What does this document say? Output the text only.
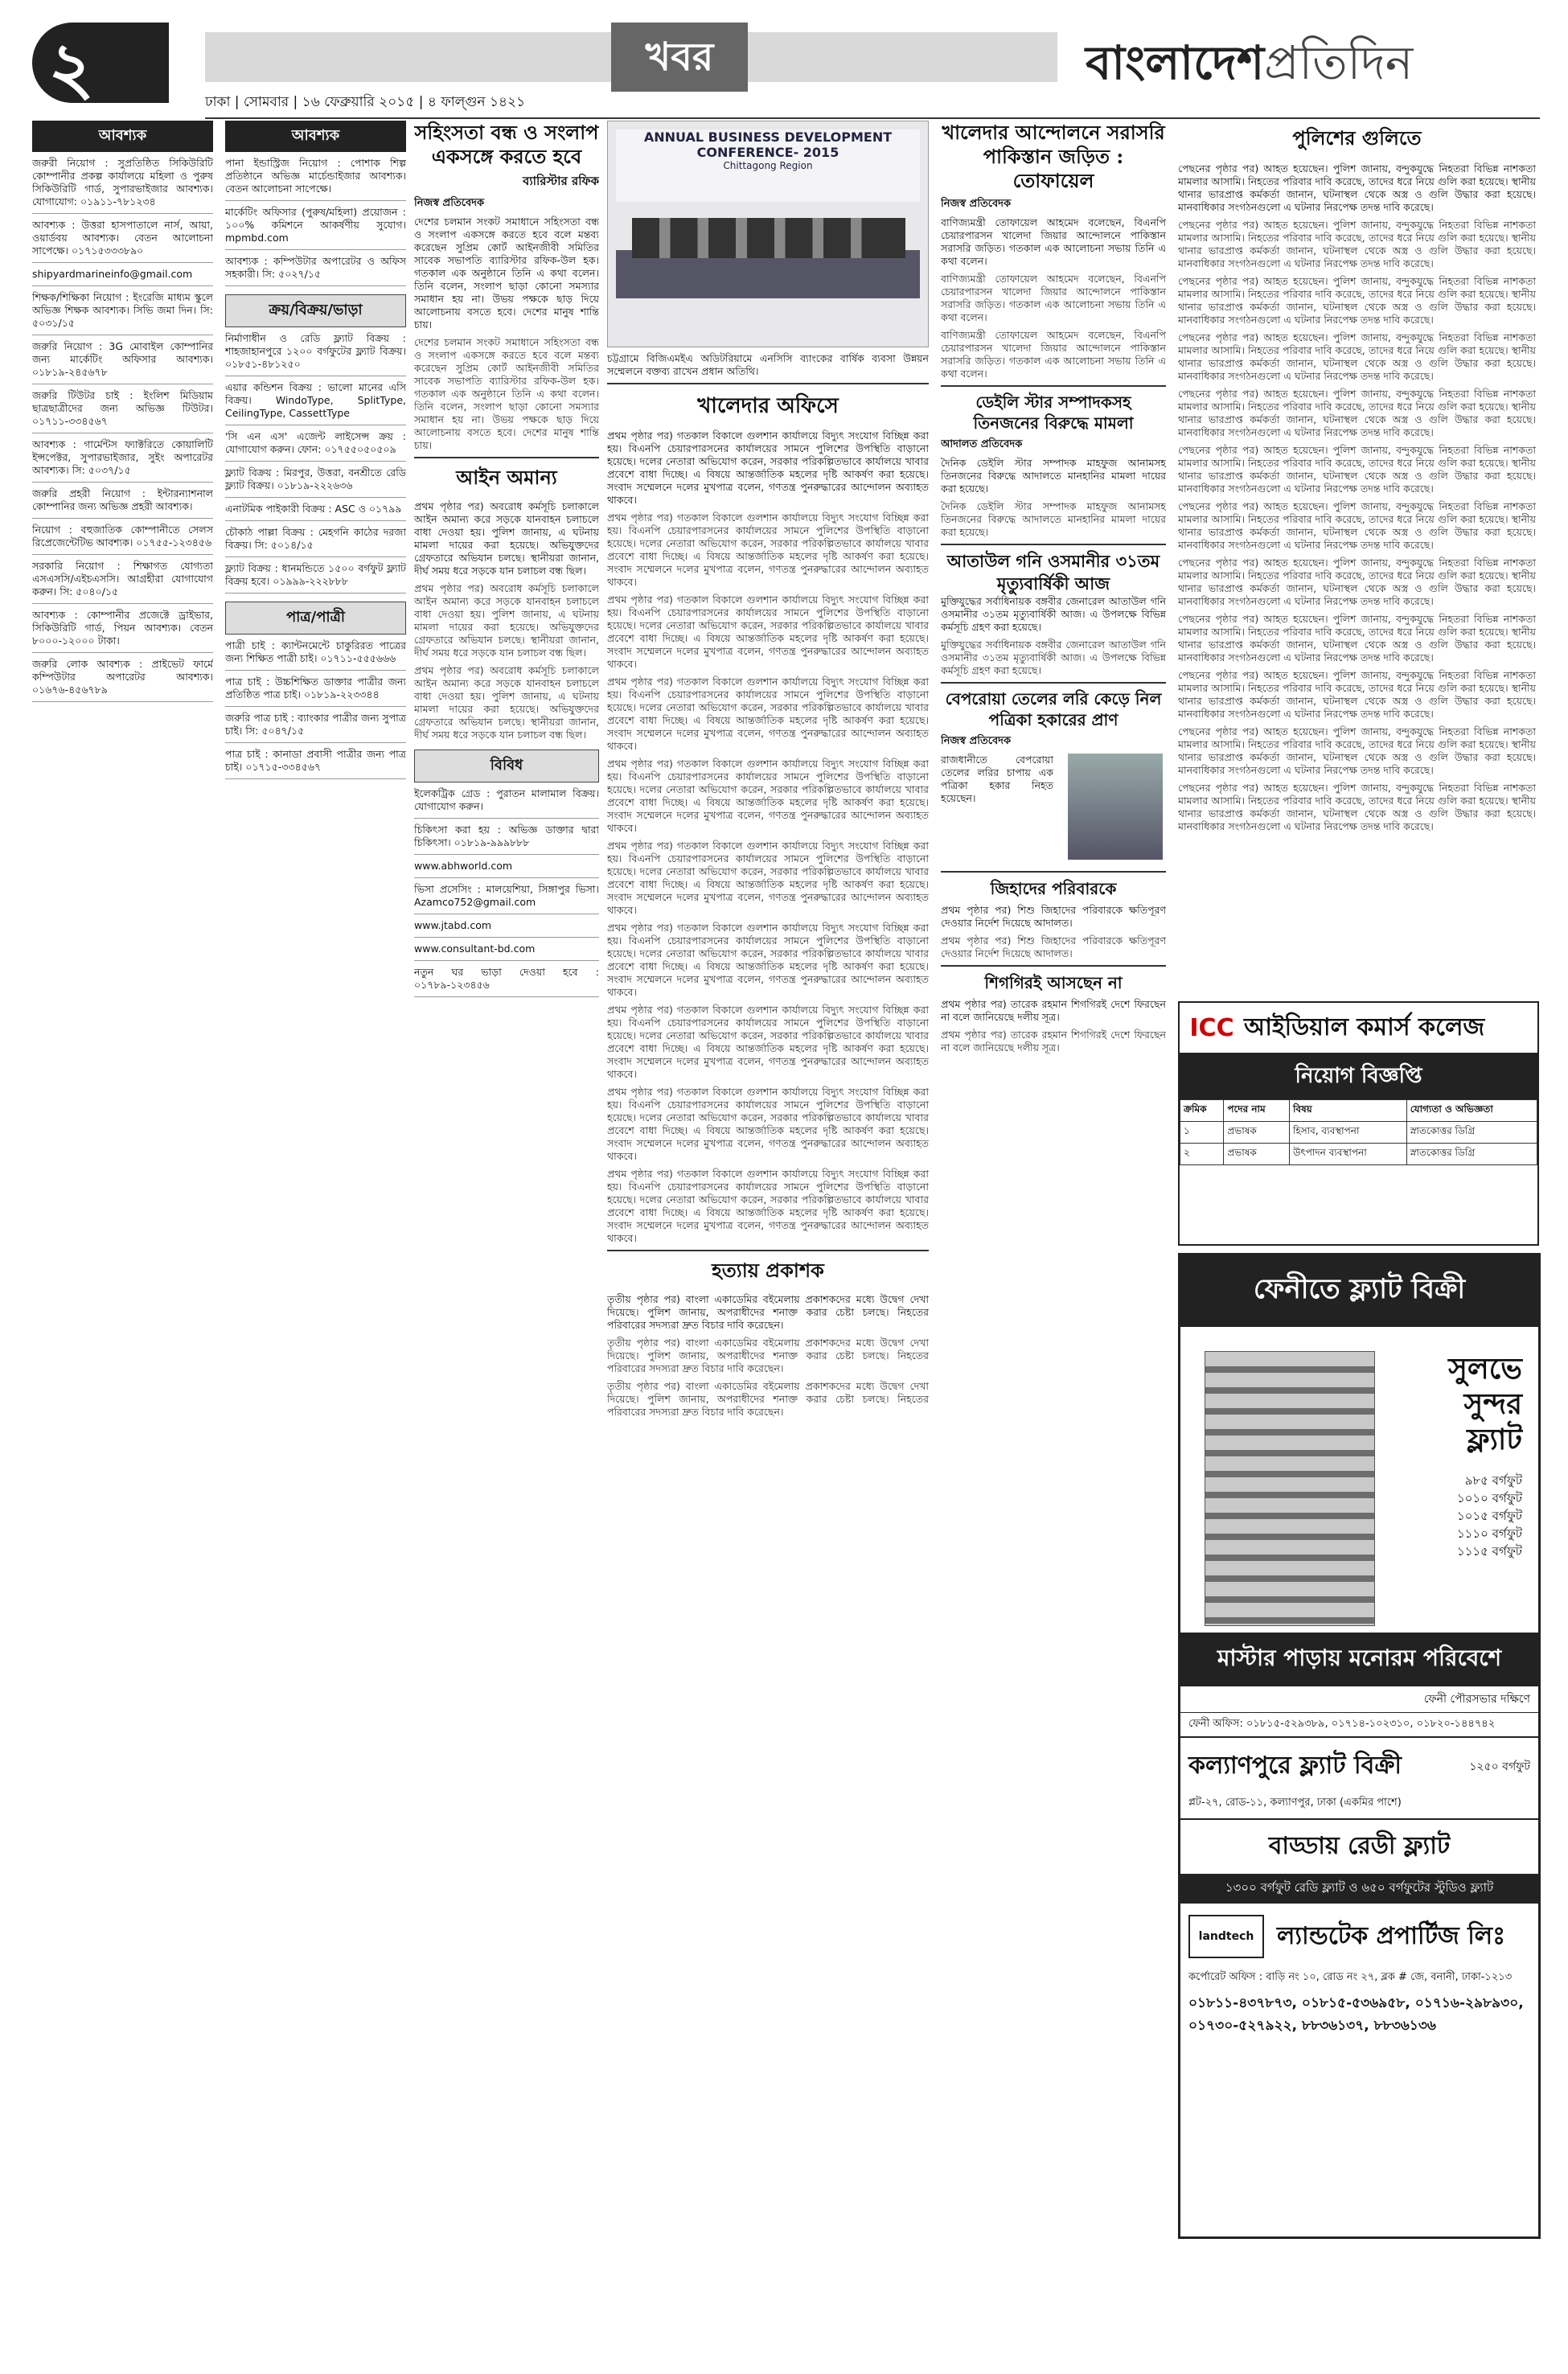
২	খবর	বাংলাদেশপ্রতিদিন
ঢাকা | সোমবার | ১৬ ফেব্রুয়ারি ২০১৫ | ৪ ফাল্গুন ১৪২১
আবশ্যক

জরুরী নিয়োগ : সুপ্রতিষ্ঠিত সিকিউরিটি কোম্পানীর প্রকল্প কার্যালয়ে মহিলা ও পুরুষ সিকিউরিটি গার্ড, সুপারভাইজার আবশ্যক। যোগাযোগ: ০১৯১১-৭৮১২৩৪

আবশ্যক : উত্তরা হাসপাতালে নার্স, আয়া, ওয়ার্ডবয় আবশ্যক। বেতন আলোচনা সাপেক্ষে। ০১৭১৫৩৩৩৮৯০

shipyardmarineinfo@gmail.com

শিক্ষক/শিক্ষিকা নিয়োগ : ইংরেজি মাধ্যম স্কুলে অভিজ্ঞ শিক্ষক আবশ্যক। সিভি জমা দিন। সি: ৫০৩১/১৫

জরুরি নিয়োগ : 3G মোবাইল কোম্পানির জন্য মার্কেটিং অফিসার আবশ্যক। ০১৮১৯-২৪৫৬৭৮

জরুরি টিউটর চাই : ইংলিশ মিডিয়াম ছাত্রছাত্রীদের জন্য অভিজ্ঞ টিউটর। ০১৭১১-৩৩৪৫৬৭

আবশ্যক : গার্মেন্টস ফ্যাক্টরিতে কোয়ালিটি ইন্সপেক্টর, সুপারভাইজার, সুইং অপারেটর আবশ্যক। সি: ৫০৩৭/১৫

জরুরি প্রহরী নিয়োগ : ইন্টারন্যাশনাল কোম্পানির জন্য অভিজ্ঞ প্রহরী আবশ্যক।

নিয়োগ : বহুজাতিক কোম্পানীতে সেলস রিপ্রেজেন্টেটিভ আবশ্যক। ০১৭৫৫-১২৩৪৫৬

সরকারি নিয়োগ : শিক্ষাগত যোগ্যতা এসএসসি/এইচএসসি। আগ্রহীরা যোগাযোগ করুন। সি: ৫০৪০/১৫

আবশ্যক : কোম্পানীর প্রজেক্টে ড্রাইভার, সিকিউরিটি গার্ড, পিয়ন আবশ্যক। বেতন ৮০০০-১২০০০ টাকা।

জরুরি লোক আবশ্যক : প্রাইভেট ফার্মে কম্পিউটার অপারেটর আবশ্যক। ০১৬৭৬-৪৫৬৭৮৯

আবশ্যক

পানা ইন্ডাস্ট্রিজ নিয়োগ : পোশাক শিল্প প্রতিষ্ঠানে অভিজ্ঞ মার্চেন্ডাইজার আবশ্যক। বেতন আলোচনা সাপেক্ষে।

মার্কেটিং অফিসার (পুরুষ/মহিলা) প্রয়োজন : ১০০% কমিশনে আকর্ষণীয় সুযোগ। mpmbd.com

আবশ্যক : কম্পিউটার অপারেটর ও অফিস সহকারী। সি: ৫০২৭/১৫

ক্রয়/বিক্রয়/ভাড়া

নির্মাণাধীন ও রেডি ফ্ল্যাট বিক্রয় : শাহজাহানপুরে ১২০০ বর্গফুটের ফ্ল্যাট বিক্রয়। ০১৮৫১-৪৮১২৫০

এয়ার কন্ডিশন বিক্রয় : ভালো মানের এসি বিক্রয়। WindoType, SplitType, CeilingType, CassettType

'সি এন এস' এজেন্ট লাইসেন্স ক্রয় : যোগাযোগ করুন। ফোন: ০১৭৫৫০৫০৫০৯

ফ্ল্যাট বিক্রয় : মিরপুর, উত্তরা, বনশ্রীতে রেডি ফ্ল্যাট বিক্রয়। ০১৮১৯-২২২৬৩৬

এনাটমিক পাইকারী বিক্রয় : ASC ও ০১৭৯৯

চৌকাঠ পাল্লা বিক্রয় : মেহগনি কাঠের দরজা বিক্রয়। সি: ৫০১৪/১৫

ফ্ল্যাট বিক্রয় : ধানমন্ডিতে ১৫০০ বর্গফুট ফ্ল্যাট বিক্রয় হবে। ০১৯৯৯-২২২৮৮৮

পাত্র/পাত্রী

পাত্রী চাই : ক্যান্টনমেন্টে চাকুরিরত পাত্রের জন্য শিক্ষিত পাত্রী চাই। ০১৭১১-৫৫৫৬৬৬

পাত্র চাই : উচ্চশিক্ষিত ডাক্তার পাত্রীর জন্য প্রতিষ্ঠিত পাত্র চাই। ০১৮১৯-২২৩৩৪৪

জরুরি পাত্র চাই : ব্যাংকার পাত্রীর জন্য সুপাত্র চাই। সি: ৫০৪৭/১৫

পাত্র চাই : কানাডা প্রবাসী পাত্রীর জন্য পাত্র চাই। ০১৭১৫-৩৩৪৫৬৭

সহিংসতা বন্ধ ও সংলাপ একসঙ্গে করতে হবে
ব্যারিস্টার রফিক
নিজস্ব প্রতিবেদক

দেশের চলমান সংকট সমাধানে সহিংসতা বন্ধ ও সংলাপ একসঙ্গে করতে হবে বলে মন্তব্য করেছেন সুপ্রিম কোর্ট আইনজীবী সমিতির সাবেক সভাপতি ব্যারিস্টার রফিক-উল হক। গতকাল এক অনুষ্ঠানে তিনি এ কথা বলেন। তিনি বলেন, সংলাপ ছাড়া কোনো সমস্যার সমাধান হয় না। উভয় পক্ষকে ছাড় দিয়ে আলোচনায় বসতে হবে। দেশের মানুষ শান্তি চায়।

দেশের চলমান সংকট সমাধানে সহিংসতা বন্ধ ও সংলাপ একসঙ্গে করতে হবে বলে মন্তব্য করেছেন সুপ্রিম কোর্ট আইনজীবী সমিতির সাবেক সভাপতি ব্যারিস্টার রফিক-উল হক। গতকাল এক অনুষ্ঠানে তিনি এ কথা বলেন। তিনি বলেন, সংলাপ ছাড়া কোনো সমস্যার সমাধান হয় না। উভয় পক্ষকে ছাড় দিয়ে আলোচনায় বসতে হবে। দেশের মানুষ শান্তি চায়।

আইন অমান্য

প্রথম পৃষ্ঠার পর) অবরোধ কর্মসূচি চলাকালে আইন অমান্য করে সড়কে যানবাহন চলাচলে বাধা দেওয়া হয়। পুলিশ জানায়, এ ঘটনায় মামলা দায়ের করা হয়েছে। অভিযুক্তদের গ্রেফতারে অভিযান চলছে। স্থানীয়রা জানান, দীর্ঘ সময় ধরে সড়কে যান চলাচল বন্ধ ছিল।

প্রথম পৃষ্ঠার পর) অবরোধ কর্মসূচি চলাকালে আইন অমান্য করে সড়কে যানবাহন চলাচলে বাধা দেওয়া হয়। পুলিশ জানায়, এ ঘটনায় মামলা দায়ের করা হয়েছে। অভিযুক্তদের গ্রেফতারে অভিযান চলছে। স্থানীয়রা জানান, দীর্ঘ সময় ধরে সড়কে যান চলাচল বন্ধ ছিল।

প্রথম পৃষ্ঠার পর) অবরোধ কর্মসূচি চলাকালে আইন অমান্য করে সড়কে যানবাহন চলাচলে বাধা দেওয়া হয়। পুলিশ জানায়, এ ঘটনায় মামলা দায়ের করা হয়েছে। অভিযুক্তদের গ্রেফতারে অভিযান চলছে। স্থানীয়রা জানান, দীর্ঘ সময় ধরে সড়কে যান চলাচল বন্ধ ছিল।

বিবিধ

ইলেকট্রিক গ্রেড : পুরাতন মালামাল বিক্রয়। যোগাযোগ করুন।

চিকিৎসা করা হয় : অভিজ্ঞ ডাক্তার দ্বারা চিকিৎসা। ০১৮১৯-৯৯৯৮৮৮

www.abhworld.com

ভিসা প্রসেসিং : মালয়েশিয়া, সিঙ্গাপুর ভিসা। Azamco752@gmail.com

www.jtabd.com

www.consultant-bd.com

নতুন ঘর ভাড়া দেওয়া হবে : ০১৭৮৯-১২৩৪৫৬

ANNUAL BUSINESS DEVELOPMENT
CONFERENCE- 2015
Chittagong Region

চট্টগ্রামে বিজিএমইএ অডিটরিয়ামে এনসিসি ব্যাংকের বার্ষিক ব্যবসা উন্নয়ন সম্মেলনে বক্তব্য রাখেন প্রধান অতিথি।

খালেদার অফিসে

প্রথম পৃষ্ঠার পর) গতকাল বিকালে গুলশান কার্যালয়ে বিদ্যুৎ সংযোগ বিচ্ছিন্ন করা হয়। বিএনপি চেয়ারপারসনের কার্যালয়ের সামনে পুলিশের উপস্থিতি বাড়ানো হয়েছে। দলের নেতারা অভিযোগ করেন, সরকার পরিকল্পিতভাবে কার্যালয়ে খাবার প্রবেশে বাধা দিচ্ছে। এ বিষয়ে আন্তর্জাতিক মহলের দৃষ্টি আকর্ষণ করা হয়েছে। সংবাদ সম্মেলনে দলের মুখপাত্র বলেন, গণতন্ত্র পুনরুদ্ধারের আন্দোলন অব্যাহত থাকবে।

প্রথম পৃষ্ঠার পর) গতকাল বিকালে গুলশান কার্যালয়ে বিদ্যুৎ সংযোগ বিচ্ছিন্ন করা হয়। বিএনপি চেয়ারপারসনের কার্যালয়ের সামনে পুলিশের উপস্থিতি বাড়ানো হয়েছে। দলের নেতারা অভিযোগ করেন, সরকার পরিকল্পিতভাবে কার্যালয়ে খাবার প্রবেশে বাধা দিচ্ছে। এ বিষয়ে আন্তর্জাতিক মহলের দৃষ্টি আকর্ষণ করা হয়েছে। সংবাদ সম্মেলনে দলের মুখপাত্র বলেন, গণতন্ত্র পুনরুদ্ধারের আন্দোলন অব্যাহত থাকবে।

প্রথম পৃষ্ঠার পর) গতকাল বিকালে গুলশান কার্যালয়ে বিদ্যুৎ সংযোগ বিচ্ছিন্ন করা হয়। বিএনপি চেয়ারপারসনের কার্যালয়ের সামনে পুলিশের উপস্থিতি বাড়ানো হয়েছে। দলের নেতারা অভিযোগ করেন, সরকার পরিকল্পিতভাবে কার্যালয়ে খাবার প্রবেশে বাধা দিচ্ছে। এ বিষয়ে আন্তর্জাতিক মহলের দৃষ্টি আকর্ষণ করা হয়েছে। সংবাদ সম্মেলনে দলের মুখপাত্র বলেন, গণতন্ত্র পুনরুদ্ধারের আন্দোলন অব্যাহত থাকবে।

প্রথম পৃষ্ঠার পর) গতকাল বিকালে গুলশান কার্যালয়ে বিদ্যুৎ সংযোগ বিচ্ছিন্ন করা হয়। বিএনপি চেয়ারপারসনের কার্যালয়ের সামনে পুলিশের উপস্থিতি বাড়ানো হয়েছে। দলের নেতারা অভিযোগ করেন, সরকার পরিকল্পিতভাবে কার্যালয়ে খাবার প্রবেশে বাধা দিচ্ছে। এ বিষয়ে আন্তর্জাতিক মহলের দৃষ্টি আকর্ষণ করা হয়েছে। সংবাদ সম্মেলনে দলের মুখপাত্র বলেন, গণতন্ত্র পুনরুদ্ধারের আন্দোলন অব্যাহত থাকবে।

প্রথম পৃষ্ঠার পর) গতকাল বিকালে গুলশান কার্যালয়ে বিদ্যুৎ সংযোগ বিচ্ছিন্ন করা হয়। বিএনপি চেয়ারপারসনের কার্যালয়ের সামনে পুলিশের উপস্থিতি বাড়ানো হয়েছে। দলের নেতারা অভিযোগ করেন, সরকার পরিকল্পিতভাবে কার্যালয়ে খাবার প্রবেশে বাধা দিচ্ছে। এ বিষয়ে আন্তর্জাতিক মহলের দৃষ্টি আকর্ষণ করা হয়েছে। সংবাদ সম্মেলনে দলের মুখপাত্র বলেন, গণতন্ত্র পুনরুদ্ধারের আন্দোলন অব্যাহত থাকবে।

প্রথম পৃষ্ঠার পর) গতকাল বিকালে গুলশান কার্যালয়ে বিদ্যুৎ সংযোগ বিচ্ছিন্ন করা হয়। বিএনপি চেয়ারপারসনের কার্যালয়ের সামনে পুলিশের উপস্থিতি বাড়ানো হয়েছে। দলের নেতারা অভিযোগ করেন, সরকার পরিকল্পিতভাবে কার্যালয়ে খাবার প্রবেশে বাধা দিচ্ছে। এ বিষয়ে আন্তর্জাতিক মহলের দৃষ্টি আকর্ষণ করা হয়েছে। সংবাদ সম্মেলনে দলের মুখপাত্র বলেন, গণতন্ত্র পুনরুদ্ধারের আন্দোলন অব্যাহত থাকবে।

প্রথম পৃষ্ঠার পর) গতকাল বিকালে গুলশান কার্যালয়ে বিদ্যুৎ সংযোগ বিচ্ছিন্ন করা হয়। বিএনপি চেয়ারপারসনের কার্যালয়ের সামনে পুলিশের উপস্থিতি বাড়ানো হয়েছে। দলের নেতারা অভিযোগ করেন, সরকার পরিকল্পিতভাবে কার্যালয়ে খাবার প্রবেশে বাধা দিচ্ছে। এ বিষয়ে আন্তর্জাতিক মহলের দৃষ্টি আকর্ষণ করা হয়েছে। সংবাদ সম্মেলনে দলের মুখপাত্র বলেন, গণতন্ত্র পুনরুদ্ধারের আন্দোলন অব্যাহত থাকবে।

প্রথম পৃষ্ঠার পর) গতকাল বিকালে গুলশান কার্যালয়ে বিদ্যুৎ সংযোগ বিচ্ছিন্ন করা হয়। বিএনপি চেয়ারপারসনের কার্যালয়ের সামনে পুলিশের উপস্থিতি বাড়ানো হয়েছে। দলের নেতারা অভিযোগ করেন, সরকার পরিকল্পিতভাবে কার্যালয়ে খাবার প্রবেশে বাধা দিচ্ছে। এ বিষয়ে আন্তর্জাতিক মহলের দৃষ্টি আকর্ষণ করা হয়েছে। সংবাদ সম্মেলনে দলের মুখপাত্র বলেন, গণতন্ত্র পুনরুদ্ধারের আন্দোলন অব্যাহত থাকবে।

প্রথম পৃষ্ঠার পর) গতকাল বিকালে গুলশান কার্যালয়ে বিদ্যুৎ সংযোগ বিচ্ছিন্ন করা হয়। বিএনপি চেয়ারপারসনের কার্যালয়ের সামনে পুলিশের উপস্থিতি বাড়ানো হয়েছে। দলের নেতারা অভিযোগ করেন, সরকার পরিকল্পিতভাবে কার্যালয়ে খাবার প্রবেশে বাধা দিচ্ছে। এ বিষয়ে আন্তর্জাতিক মহলের দৃষ্টি আকর্ষণ করা হয়েছে। সংবাদ সম্মেলনে দলের মুখপাত্র বলেন, গণতন্ত্র পুনরুদ্ধারের আন্দোলন অব্যাহত থাকবে।

প্রথম পৃষ্ঠার পর) গতকাল বিকালে গুলশান কার্যালয়ে বিদ্যুৎ সংযোগ বিচ্ছিন্ন করা হয়। বিএনপি চেয়ারপারসনের কার্যালয়ের সামনে পুলিশের উপস্থিতি বাড়ানো হয়েছে। দলের নেতারা অভিযোগ করেন, সরকার পরিকল্পিতভাবে কার্যালয়ে খাবার প্রবেশে বাধা দিচ্ছে। এ বিষয়ে আন্তর্জাতিক মহলের দৃষ্টি আকর্ষণ করা হয়েছে। সংবাদ সম্মেলনে দলের মুখপাত্র বলেন, গণতন্ত্র পুনরুদ্ধারের আন্দোলন অব্যাহত থাকবে।

হত্যায় প্রকাশক

তৃতীয় পৃষ্ঠার পর) বাংলা একাডেমির বইমেলায় প্রকাশকদের মধ্যে উদ্বেগ দেখা দিয়েছে। পুলিশ জানায়, অপরাধীদের শনাক্ত করার চেষ্টা চলছে। নিহতের পরিবারের সদস্যরা দ্রুত বিচার দাবি করেছেন।

তৃতীয় পৃষ্ঠার পর) বাংলা একাডেমির বইমেলায় প্রকাশকদের মধ্যে উদ্বেগ দেখা দিয়েছে। পুলিশ জানায়, অপরাধীদের শনাক্ত করার চেষ্টা চলছে। নিহতের পরিবারের সদস্যরা দ্রুত বিচার দাবি করেছেন।

তৃতীয় পৃষ্ঠার পর) বাংলা একাডেমির বইমেলায় প্রকাশকদের মধ্যে উদ্বেগ দেখা দিয়েছে। পুলিশ জানায়, অপরাধীদের শনাক্ত করার চেষ্টা চলছে। নিহতের পরিবারের সদস্যরা দ্রুত বিচার দাবি করেছেন।

খালেদার আন্দোলনে সরাসরি পাকিস্তান জড়িত : তোফায়েল
নিজস্ব প্রতিবেদক

বাণিজ্যমন্ত্রী তোফায়েল আহমেদ বলেছেন, বিএনপি চেয়ারপারসন খালেদা জিয়ার আন্দোলনে পাকিস্তান সরাসরি জড়িত। গতকাল এক আলোচনা সভায় তিনি এ কথা বলেন।

বাণিজ্যমন্ত্রী তোফায়েল আহমেদ বলেছেন, বিএনপি চেয়ারপারসন খালেদা জিয়ার আন্দোলনে পাকিস্তান সরাসরি জড়িত। গতকাল এক আলোচনা সভায় তিনি এ কথা বলেন।

বাণিজ্যমন্ত্রী তোফায়েল আহমেদ বলেছেন, বিএনপি চেয়ারপারসন খালেদা জিয়ার আন্দোলনে পাকিস্তান সরাসরি জড়িত। গতকাল এক আলোচনা সভায় তিনি এ কথা বলেন।

ডেইলি স্টার সম্পাদকসহ তিনজনের বিরুদ্ধে মামলা
আদালত প্রতিবেদক

দৈনিক ডেইলি স্টার সম্পাদক মাহফুজ আনামসহ তিনজনের বিরুদ্ধে আদালতে মানহানির মামলা দায়ের করা হয়েছে।

দৈনিক ডেইলি স্টার সম্পাদক মাহফুজ আনামসহ তিনজনের বিরুদ্ধে আদালতে মানহানির মামলা দায়ের করা হয়েছে।

আতাউল গনি ওসমানীর ৩১তম মৃত্যুবার্ষিকী আজ

মুক্তিযুদ্ধের সর্বাধিনায়ক বঙ্গবীর জেনারেল আতাউল গনি ওসমানীর ৩১তম মৃত্যুবার্ষিকী আজ। এ উপলক্ষে বিভিন্ন কর্মসূচি গ্রহণ করা হয়েছে।

মুক্তিযুদ্ধের সর্বাধিনায়ক বঙ্গবীর জেনারেল আতাউল গনি ওসমানীর ৩১তম মৃত্যুবার্ষিকী আজ। এ উপলক্ষে বিভিন্ন কর্মসূচি গ্রহণ করা হয়েছে।

বেপরোয়া তেলের লরি কেড়ে নিল পত্রিকা হকারের প্রাণ
নিজস্ব প্রতিবেদক

রাজধানীতে বেপরোয়া তেলের লরির চাপায় এক পত্রিকা হকার নিহত হয়েছেন।

জিহাদের পরিবারকে

প্রথম পৃষ্ঠার পর) শিশু জিহাদের পরিবারকে ক্ষতিপূরণ দেওয়ার নির্দেশ দিয়েছে আদালত।

প্রথম পৃষ্ঠার পর) শিশু জিহাদের পরিবারকে ক্ষতিপূরণ দেওয়ার নির্দেশ দিয়েছে আদালত।

শিগগিরই আসছেন না

প্রথম পৃষ্ঠার পর) তারেক রহমান শিগগিরই দেশে ফিরছেন না বলে জানিয়েছে দলীয় সূত্র।

প্রথম পৃষ্ঠার পর) তারেক রহমান শিগগিরই দেশে ফিরছেন না বলে জানিয়েছে দলীয় সূত্র।

পুলিশের গুলিতে

পেছনের পৃষ্ঠার পর) আহত হয়েছেন। পুলিশ জানায়, বন্দুকযুদ্ধে নিহতরা বিভিন্ন নাশকতা মামলার আসামি। নিহতের পরিবার দাবি করেছে, তাদের ধরে নিয়ে গুলি করা হয়েছে। স্থানীয় থানার ভারপ্রাপ্ত কর্মকর্তা জানান, ঘটনাস্থল থেকে অস্ত্র ও গুলি উদ্ধার করা হয়েছে। মানবাধিকার সংগঠনগুলো এ ঘটনার নিরপেক্ষ তদন্ত দাবি করেছে।

পেছনের পৃষ্ঠার পর) আহত হয়েছেন। পুলিশ জানায়, বন্দুকযুদ্ধে নিহতরা বিভিন্ন নাশকতা মামলার আসামি। নিহতের পরিবার দাবি করেছে, তাদের ধরে নিয়ে গুলি করা হয়েছে। স্থানীয় থানার ভারপ্রাপ্ত কর্মকর্তা জানান, ঘটনাস্থল থেকে অস্ত্র ও গুলি উদ্ধার করা হয়েছে। মানবাধিকার সংগঠনগুলো এ ঘটনার নিরপেক্ষ তদন্ত দাবি করেছে।

পেছনের পৃষ্ঠার পর) আহত হয়েছেন। পুলিশ জানায়, বন্দুকযুদ্ধে নিহতরা বিভিন্ন নাশকতা মামলার আসামি। নিহতের পরিবার দাবি করেছে, তাদের ধরে নিয়ে গুলি করা হয়েছে। স্থানীয় থানার ভারপ্রাপ্ত কর্মকর্তা জানান, ঘটনাস্থল থেকে অস্ত্র ও গুলি উদ্ধার করা হয়েছে। মানবাধিকার সংগঠনগুলো এ ঘটনার নিরপেক্ষ তদন্ত দাবি করেছে।

পেছনের পৃষ্ঠার পর) আহত হয়েছেন। পুলিশ জানায়, বন্দুকযুদ্ধে নিহতরা বিভিন্ন নাশকতা মামলার আসামি। নিহতের পরিবার দাবি করেছে, তাদের ধরে নিয়ে গুলি করা হয়েছে। স্থানীয় থানার ভারপ্রাপ্ত কর্মকর্তা জানান, ঘটনাস্থল থেকে অস্ত্র ও গুলি উদ্ধার করা হয়েছে। মানবাধিকার সংগঠনগুলো এ ঘটনার নিরপেক্ষ তদন্ত দাবি করেছে।

পেছনের পৃষ্ঠার পর) আহত হয়েছেন। পুলিশ জানায়, বন্দুকযুদ্ধে নিহতরা বিভিন্ন নাশকতা মামলার আসামি। নিহতের পরিবার দাবি করেছে, তাদের ধরে নিয়ে গুলি করা হয়েছে। স্থানীয় থানার ভারপ্রাপ্ত কর্মকর্তা জানান, ঘটনাস্থল থেকে অস্ত্র ও গুলি উদ্ধার করা হয়েছে। মানবাধিকার সংগঠনগুলো এ ঘটনার নিরপেক্ষ তদন্ত দাবি করেছে।

পেছনের পৃষ্ঠার পর) আহত হয়েছেন। পুলিশ জানায়, বন্দুকযুদ্ধে নিহতরা বিভিন্ন নাশকতা মামলার আসামি। নিহতের পরিবার দাবি করেছে, তাদের ধরে নিয়ে গুলি করা হয়েছে। স্থানীয় থানার ভারপ্রাপ্ত কর্মকর্তা জানান, ঘটনাস্থল থেকে অস্ত্র ও গুলি উদ্ধার করা হয়েছে। মানবাধিকার সংগঠনগুলো এ ঘটনার নিরপেক্ষ তদন্ত দাবি করেছে।

পেছনের পৃষ্ঠার পর) আহত হয়েছেন। পুলিশ জানায়, বন্দুকযুদ্ধে নিহতরা বিভিন্ন নাশকতা মামলার আসামি। নিহতের পরিবার দাবি করেছে, তাদের ধরে নিয়ে গুলি করা হয়েছে। স্থানীয় থানার ভারপ্রাপ্ত কর্মকর্তা জানান, ঘটনাস্থল থেকে অস্ত্র ও গুলি উদ্ধার করা হয়েছে। মানবাধিকার সংগঠনগুলো এ ঘটনার নিরপেক্ষ তদন্ত দাবি করেছে।

পেছনের পৃষ্ঠার পর) আহত হয়েছেন। পুলিশ জানায়, বন্দুকযুদ্ধে নিহতরা বিভিন্ন নাশকতা মামলার আসামি। নিহতের পরিবার দাবি করেছে, তাদের ধরে নিয়ে গুলি করা হয়েছে। স্থানীয় থানার ভারপ্রাপ্ত কর্মকর্তা জানান, ঘটনাস্থল থেকে অস্ত্র ও গুলি উদ্ধার করা হয়েছে। মানবাধিকার সংগঠনগুলো এ ঘটনার নিরপেক্ষ তদন্ত দাবি করেছে।

পেছনের পৃষ্ঠার পর) আহত হয়েছেন। পুলিশ জানায়, বন্দুকযুদ্ধে নিহতরা বিভিন্ন নাশকতা মামলার আসামি। নিহতের পরিবার দাবি করেছে, তাদের ধরে নিয়ে গুলি করা হয়েছে। স্থানীয় থানার ভারপ্রাপ্ত কর্মকর্তা জানান, ঘটনাস্থল থেকে অস্ত্র ও গুলি উদ্ধার করা হয়েছে। মানবাধিকার সংগঠনগুলো এ ঘটনার নিরপেক্ষ তদন্ত দাবি করেছে।

পেছনের পৃষ্ঠার পর) আহত হয়েছেন। পুলিশ জানায়, বন্দুকযুদ্ধে নিহতরা বিভিন্ন নাশকতা মামলার আসামি। নিহতের পরিবার দাবি করেছে, তাদের ধরে নিয়ে গুলি করা হয়েছে। স্থানীয় থানার ভারপ্রাপ্ত কর্মকর্তা জানান, ঘটনাস্থল থেকে অস্ত্র ও গুলি উদ্ধার করা হয়েছে। মানবাধিকার সংগঠনগুলো এ ঘটনার নিরপেক্ষ তদন্ত দাবি করেছে।

পেছনের পৃষ্ঠার পর) আহত হয়েছেন। পুলিশ জানায়, বন্দুকযুদ্ধে নিহতরা বিভিন্ন নাশকতা মামলার আসামি। নিহতের পরিবার দাবি করেছে, তাদের ধরে নিয়ে গুলি করা হয়েছে। স্থানীয় থানার ভারপ্রাপ্ত কর্মকর্তা জানান, ঘটনাস্থল থেকে অস্ত্র ও গুলি উদ্ধার করা হয়েছে। মানবাধিকার সংগঠনগুলো এ ঘটনার নিরপেক্ষ তদন্ত দাবি করেছে।

পেছনের পৃষ্ঠার পর) আহত হয়েছেন। পুলিশ জানায়, বন্দুকযুদ্ধে নিহতরা বিভিন্ন নাশকতা মামলার আসামি। নিহতের পরিবার দাবি করেছে, তাদের ধরে নিয়ে গুলি করা হয়েছে। স্থানীয় থানার ভারপ্রাপ্ত কর্মকর্তা জানান, ঘটনাস্থল থেকে অস্ত্র ও গুলি উদ্ধার করা হয়েছে। মানবাধিকার সংগঠনগুলো এ ঘটনার নিরপেক্ষ তদন্ত দাবি করেছে।

ICC আইডিয়াল কমার্স কলেজ
নিয়োগ বিজ্ঞপ্তি
ক্রমিক	পদের নাম	বিষয়	যোগ্যতা ও অভিজ্ঞতা
১	প্রভাষক	হিসাব, ব্যবস্থাপনা	স্নাতকোত্তর ডিগ্রি
২	প্রভাষক	উৎপাদন ব্যবস্থাপনা	স্নাতকোত্তর ডিগ্রি
ফেনীতে ফ্ল্যাট বিক্রী
সুলভে
সুন্দর
ফ্ল্যাট
৯৮৫ বর্গফুট
১০১০ বর্গফুট
১০১৫ বর্গফুট
১১১০ বর্গফুট
১১১৫ বর্গফুট
মাস্টার পাড়ায় মনোরম পরিবেশে
ফেনী পৌরসভার দক্ষিণে
ফেনী অফিস: ০১৮১৫-৫২৯৩৮৯, ০১৭১৪-১০২৩১০, ০১৮২০-১৪৪৭৪২
কল্যাণপুরে ফ্ল্যাট বিক্রী	১২৫০ বর্গফুট
প্লট-২৭, রোড-১১, কল্যাণপুর, ঢাকা (একমির পাশে)
বাড্ডায় রেডী ফ্ল্যাট
১৩০০ বর্গফুট রেডি ফ্ল্যাট ও ৬৫০ বর্গফুটের স্টুডিও ফ্ল্যাট
landtech ল্যান্ডটেক প্রপার্টিজ লিঃ
কর্পোরেট অফিস : বাড়ি নং ১০, রোড নং ২৭, ব্লক # জে, বনানী, ঢাকা-১২১৩
০১৮১১-৪৩৭৮৭৩, ০১৮১৫-৫৩৬৯৫৮, ০১৭১৬-২৯৮৯৩০, ০১৭৩০-৫২৭৯২২, ৮৮৩৬১৩৭, ৮৮৩৬১৩৬
